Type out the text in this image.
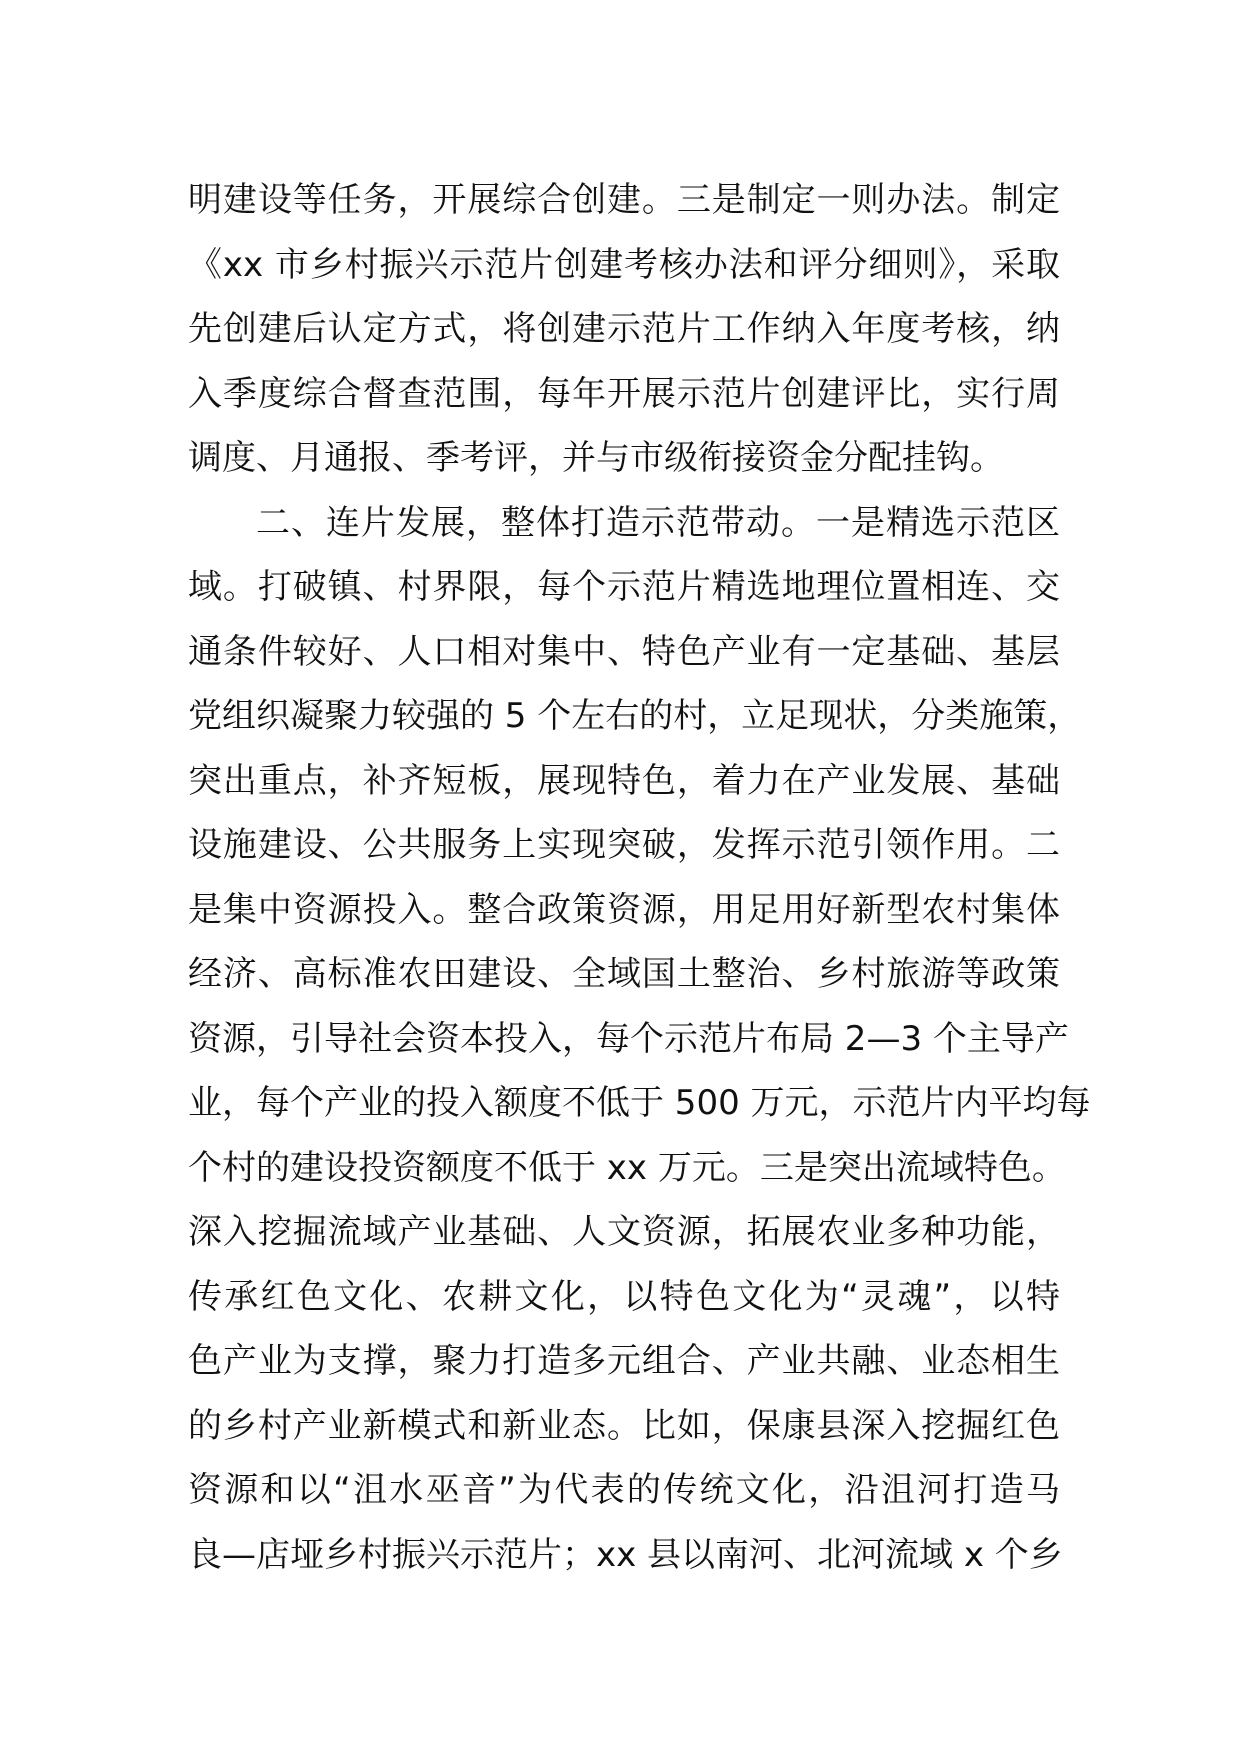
明建设等任务，开展综合创建。三是制定一则办法。制定
《xx 市乡村振兴示范片创建考核办法和评分细则》，采取
先创建后认定方式，将创建示范片工作纳入年度考核，纳
入季度综合督查范围，每年开展示范片创建评比，实行周
调度、月通报、季考评，并与市级衔接资金分配挂钩。
二、连片发展，整体打造示范带动。一是精选示范区
域。打破镇、村界限，每个示范片精选地理位置相连、交
通条件较好、人口相对集中、特色产业有一定基础、基层
党组织凝聚力较强的 5 个左右的村，立足现状，分类施策，
突出重点，补齐短板，展现特色，着力在产业发展、基础
设施建设、公共服务上实现突破，发挥示范引领作用。二
是集中资源投入。整合政策资源，用足用好新型农村集体
经济、高标准农田建设、全域国土整治、乡村旅游等政策
资源，引导社会资本投入，每个示范片布局 2—3 个主导产
业，每个产业的投入额度不低于 500 万元，示范片内平均每
个村的建设投资额度不低于 xx 万元。三是突出流域特色。
深入挖掘流域产业基础、人文资源，拓展农业多种功能，
传承红色文化、农耕文化，以特色文化为“灵魂”，以特
色产业为支撑，聚力打造多元组合、产业共融、业态相生
的乡村产业新模式和新业态。比如，保康县深入挖掘红色
资源和以“沮水巫音”为代表的传统文化，沿沮河打造马
良—店垭乡村振兴示范片；xx 县以南河、北河流域 x 个乡
